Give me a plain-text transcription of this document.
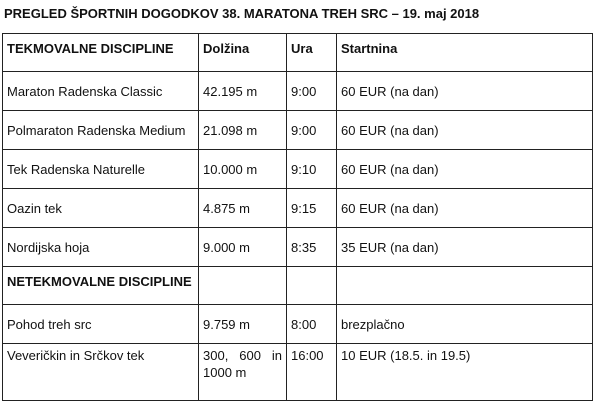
PREGLED ŠPORTNIH DOGODKOV 38. MARATONA TREH SRC – 19. maj 2018
TEKMOVALNE DISCIPLINE	Dolžina	Ura	Startnina
Maraton Radenska Classic	42.195 m	9:00	60 EUR (na dan)
Polmaraton Radenska Medium	21.098 m	9:00	60 EUR (na dan)
Tek Radenska Naturelle	10.000 m	9:10	60 EUR (na dan)
Oazin tek	4.875 m	9:15	60 EUR (na dan)
Nordijska hoja	9.000 m	8:35	35 EUR (na dan)
NETEKMOVALNE DISCIPLINE			
Pohod treh src	9.759 m	8:00	brezplačno
Veveričkin in Srčkov tek	300, 600 in 1000 m	16:00	10 EUR (18.5. in 19.5)
